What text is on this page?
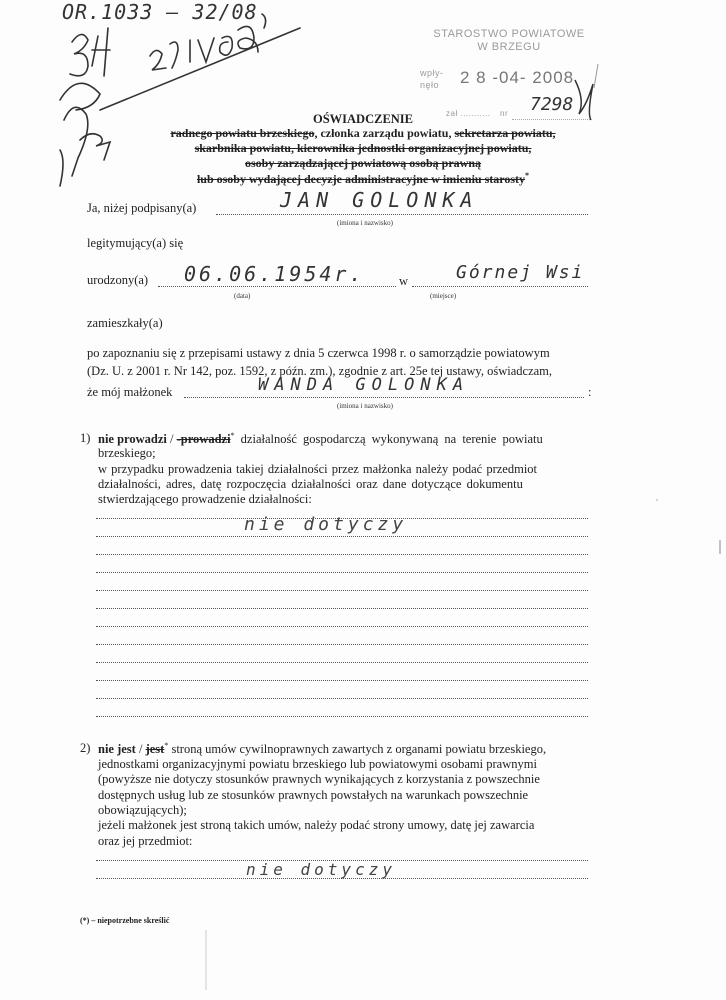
OR.1033 – 32/08
STAROSTWO POWIATOWE
W BRZEGU
wpły-
nęło 2 8 -04- 2008
zał ........... nr 7298
OŚWIADCZENIE
radnego powiatu brzeskiego, członka zarządu powiatu, sekretarza powiatu,
skarbnika powiatu, kierownika jednostki organizacyjnej powiatu,
osoby zarządzającej powiatową osobą prawną
lub osoby wydającej decyzje administracyjne w imieniu starosty*
Ja, niżej podpisany(a)	JAN GOLONKA
(imiona i nazwisko)
legitymujący(a) się
urodzony(a) 06.06.1954r.
(data)
w	Górnej Wsi
(miejsce)
zamieszkały(a)
po zapoznaniu się z przepisami ustawy z dnia 5 czerwca 1998 r. o samorządzie powiatowym
(Dz. U. z 2001 r. Nr 142, poz. 1592, z późn. zm.), zgodnie z art. 25e tej ustawy, oświadczam,
że mój małżonek	:
WANDA GOLONKA
(imiona i nazwisko)
1) nie prowadzi / -prowadzi* działalność gospodarczą wykonywaną na terenie powiatu
brzeskiego;
w przypadku prowadzenia takiej działalności przez małżonka należy podać przedmiot
działalności, adres, datę rozpoczęcia działalności oraz dane dotyczące dokumentu
stwierdzającego prowadzenie działalności:
nie dotyczy
2) nie jest / jest* stroną umów cywilnoprawnych zawartych z organami powiatu brzeskiego,
jednostkami organizacyjnymi powiatu brzeskiego lub powiatowymi osobami prawnymi
(powyższe nie dotyczy stosunków prawnych wynikających z korzystania z powszechnie
dostępnych usług lub ze stosunków prawnych powstałych na warunkach powszechnie
obowiązujących);
jeżeli małżonek jest stroną takich umów, należy podać strony umowy, datę jej zawarcia
oraz jej przedmiot:
nie dotyczy
(*) – niepotrzebne skreślić
